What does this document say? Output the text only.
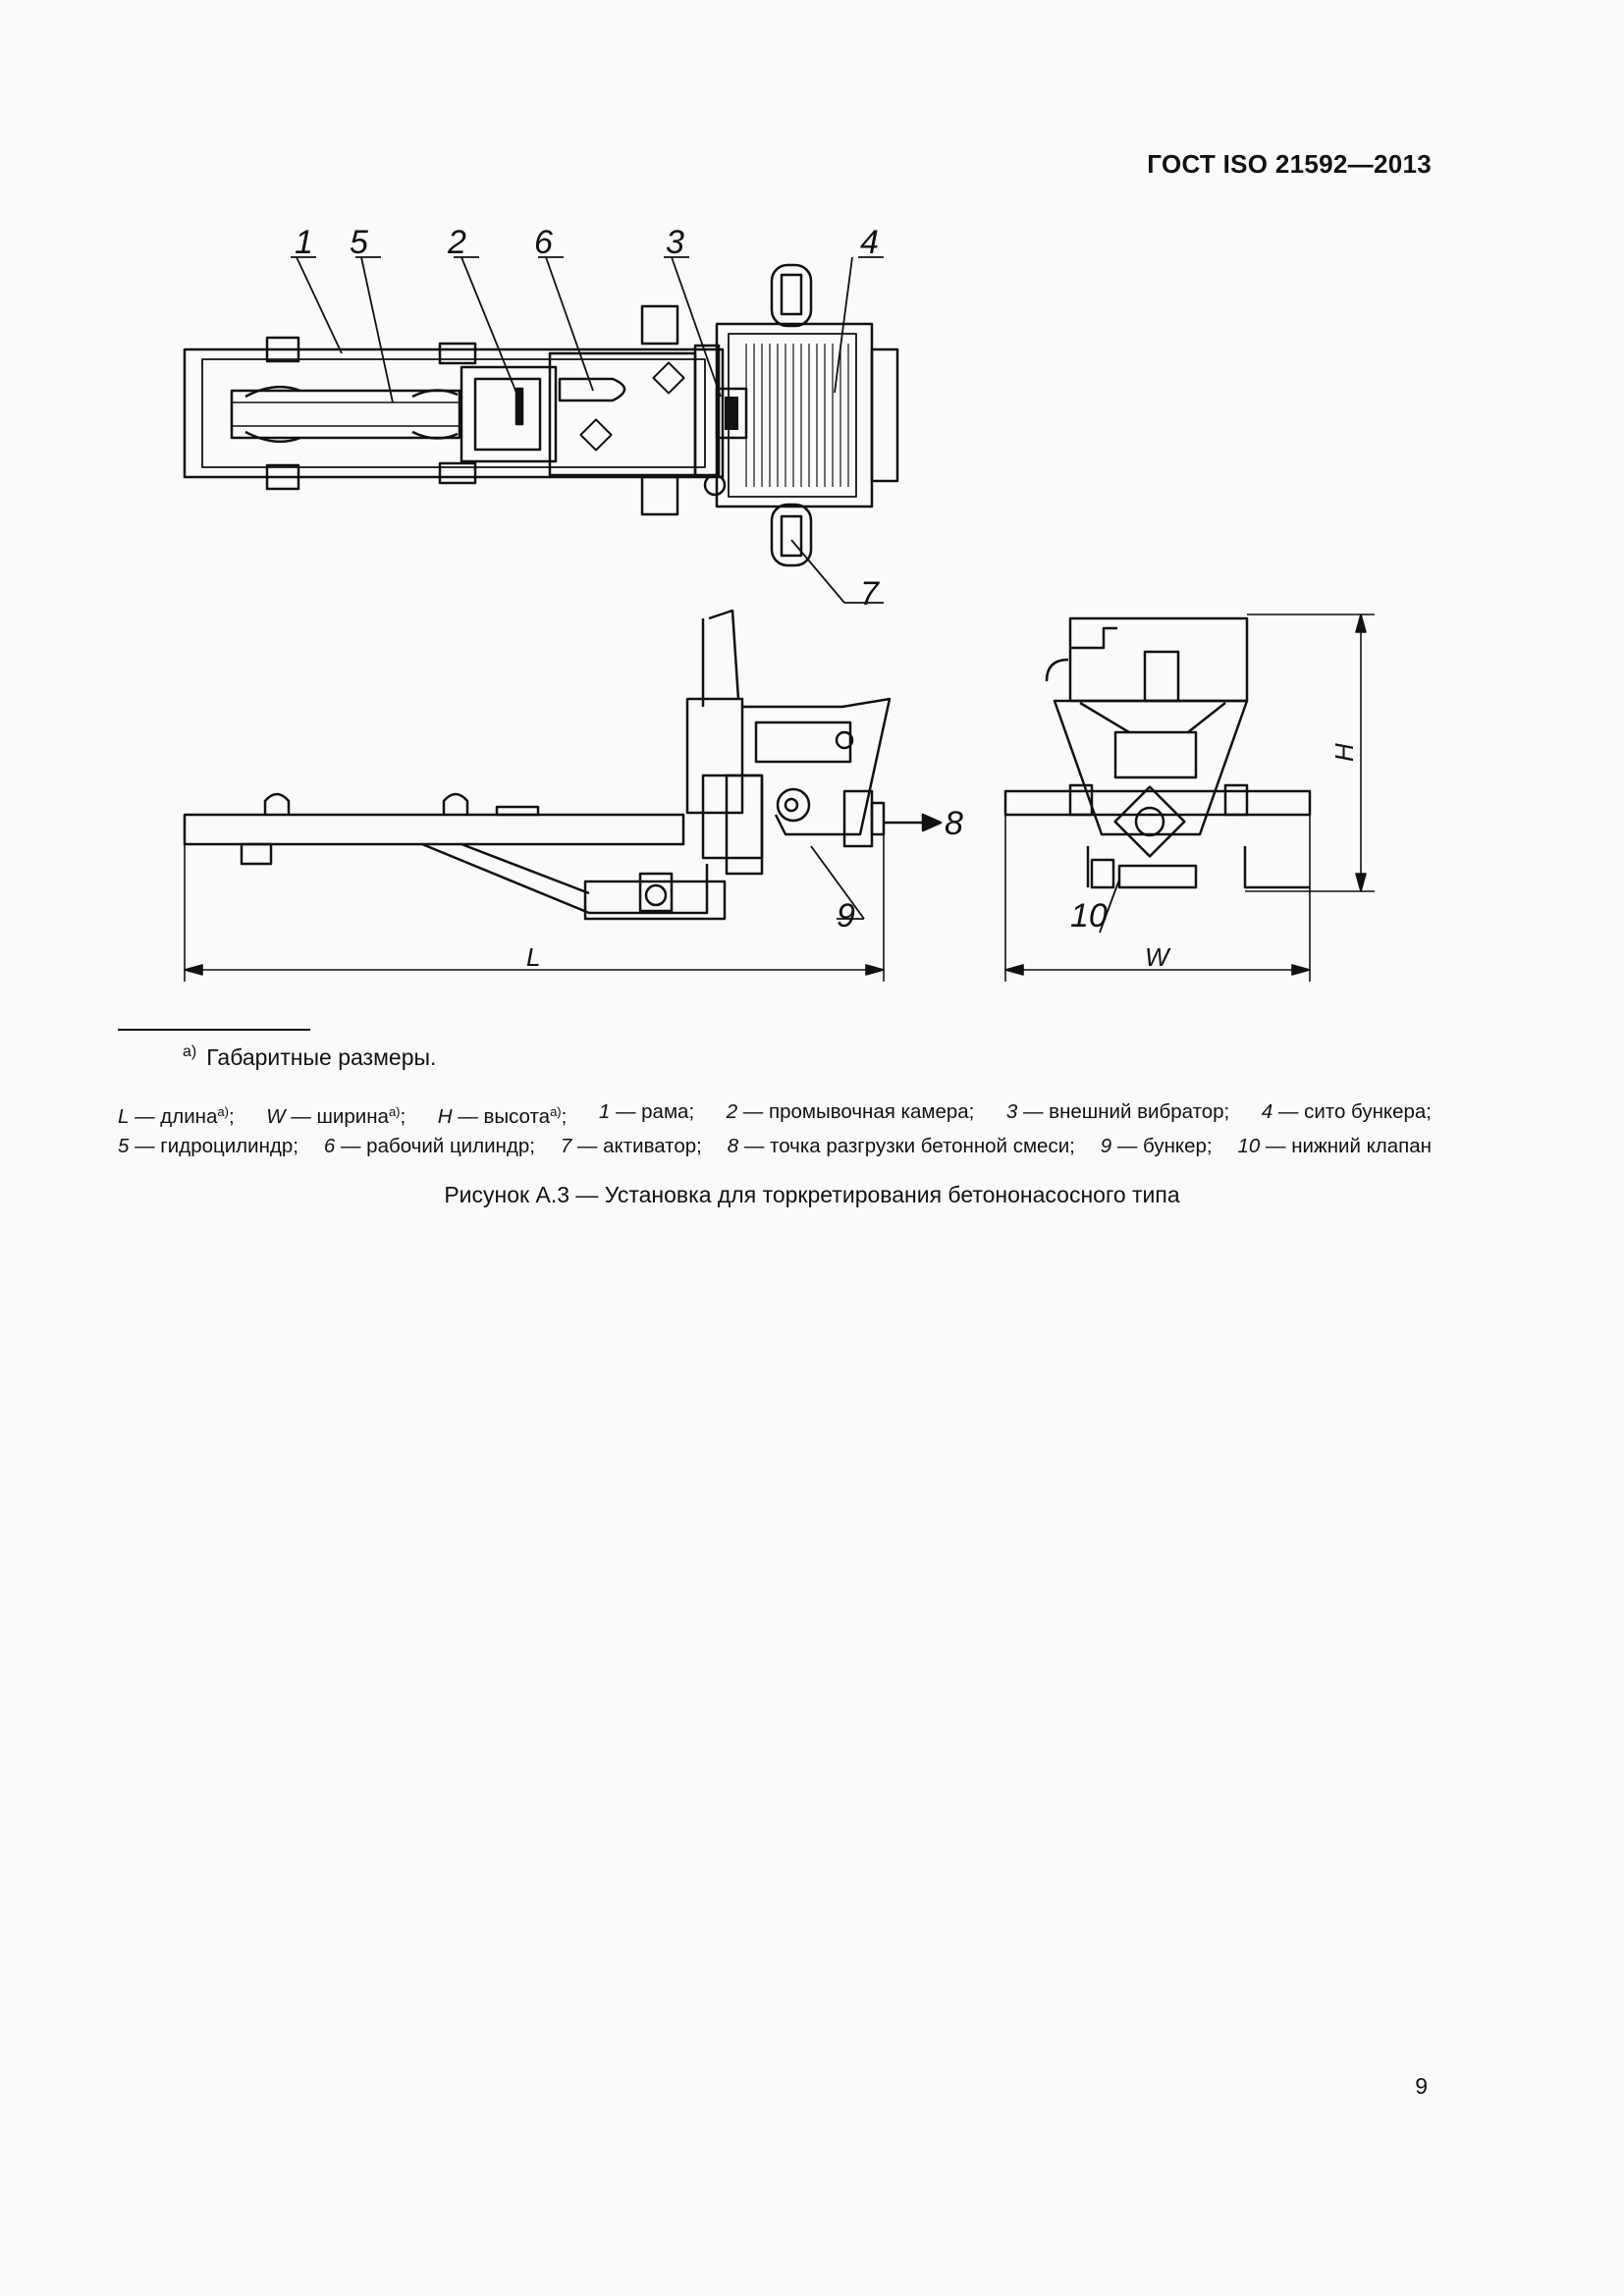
ГОСТ ISO 21592—2013
1 5 2 6	3	4
7
8
9	10
L	W
H
$^{a)}$ Габаритные размеры.
L — длина$^{a)}$; W — ширина$^{a)}$; H — высота$^{a)}$; 1 — рама; 2 — промывочная камера; 3 — внешний вибратор; 4 — сито бункера;
5 — гидроцилиндр; 6 — рабочий цилиндр; 7 — активатор; 8 — точка разгрузки бетонной смеси; 9 — бункер; 10 — нижний клапан
Рисунок А.3 — Установка для торкретирования бетононасосного типа
9
